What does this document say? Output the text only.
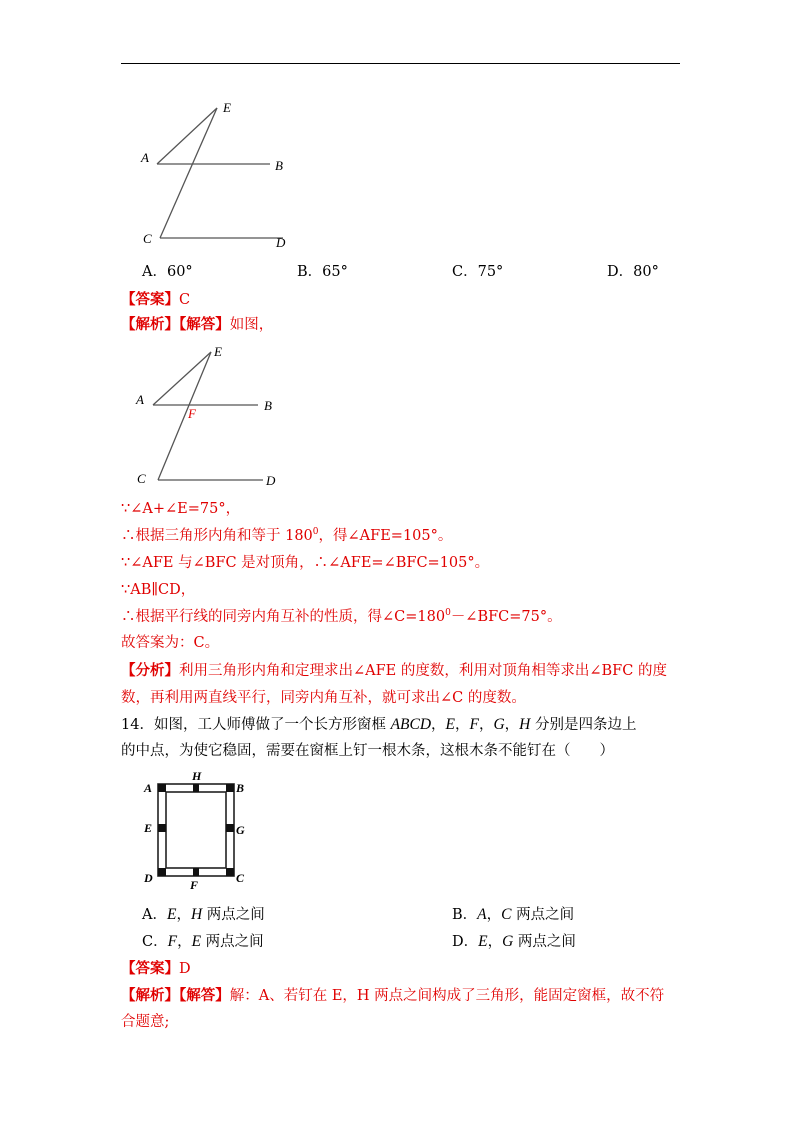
E
A
B
C	D
A．60°	B．65°	C．75°	D．80°
【答案】C
【解析】【解答】如图，
E
A	B
F
C	D
∵∠A+∠E=75°，
∴根据三角形内角和等于 $180^0$，得∠AFE=105°。
∵∠AFE 与∠BFC 是对顶角，∴∠AFE=∠BFC=105°。
∵AB∥CD，
∴根据平行线的同旁内角互补的性质，得$\angle C=180^0-\angle BFC=75^\circ$。
故答案为：C。
【分析】利用三角形内角和定理求出∠AFE 的度数，利用对顶角相等求出∠BFC 的度
数，再利用两直线平行，同旁内角互补，就可求出∠C 的度数。
14．如图，工人师傅做了一个长方形窗框 ABCD，E，F，G，H 分别是四条边上
的中点，为使它稳固，需要在窗框上钉一根木条，这根木条不能钉在（　　）
A
H
B
E	G
D	F	C
A．E，H 两点之间	B．A，C 两点之间
C．F，E 两点之间	D．E，G 两点之间
【答案】D
【解析】【解答】解：A、若钉在 E，H 两点之间构成了三角形，能固定窗框，故不符
合题意;
